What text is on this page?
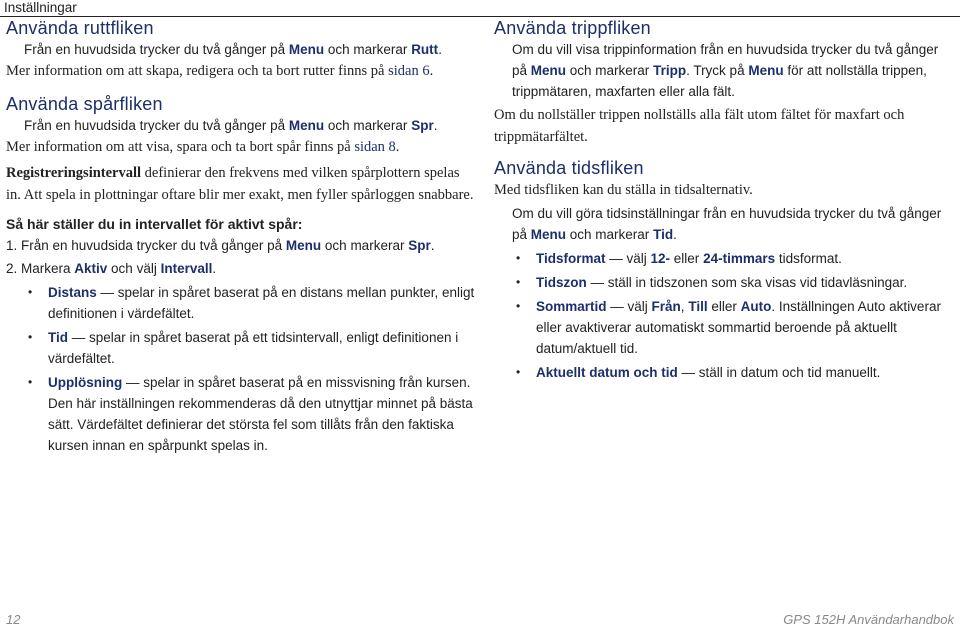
Inställningar
Använda ruttfliken

Från en huvudsida trycker du två gånger på Menu och markerar Rutt.

Mer information om att skapa, redigera och ta bort rutter finns på sidan 6.

Använda spårfliken

Från en huvudsida trycker du två gånger på Menu och markerar Spr.

Mer information om att visa, spara och ta bort spår finns på sidan 8.

Registreringsintervall definierar den frekvens med vilken spårplottern spelas in. Att spela in plottningar oftare blir mer exakt, men fyller spårloggen snabbare.

Så här ställer du in intervallet för aktivt spår:

1. Från en huvudsida trycker du två gånger på Menu och markerar Spr.

2. Markera Aktiv och välj Intervall.

• Distans — spelar in spåret baserat på en distans mellan punkter, enligt definitionen i värdefältet.
• Tid — spelar in spåret baserat på ett tidsintervall, enligt definitionen i värdefältet.
• Upplösning — spelar in spåret baserat på en missvisning från kursen. Den här inställningen rekommenderas då den utnyttjar minnet på bästa sätt. Värdefältet definierar det största fel som tillåts från den faktiska kursen innan en spårpunkt spelas in.
Använda trippfliken

Om du vill visa trippinformation från en huvudsida trycker du två gånger på Menu och markerar Tripp. Tryck på Menu för att nollställa trippen, trippmätaren, maxfarten eller alla fält.

Om du nollställer trippen nollställs alla fält utom fältet för maxfart och trippmätarfältet.

Använda tidsfliken

Med tidsfliken kan du ställa in tidsalternativ.

Om du vill göra tidsinställningar från en huvudsida trycker du två gånger på Menu och markerar Tid.

• Tidsformat — välj 12- eller 24-timmars tidsformat.
• Tidszon — ställ in tidszonen som ska visas vid tidavläsningar.
• Sommartid — välj Från, Till eller Auto. Inställningen Auto aktiverar eller avaktiverar automatiskt sommartid beroende på aktuellt datum/aktuell tid.
• Aktuellt datum och tid — ställ in datum och tid manuellt.
12	GPS 152H Användarhandbok
